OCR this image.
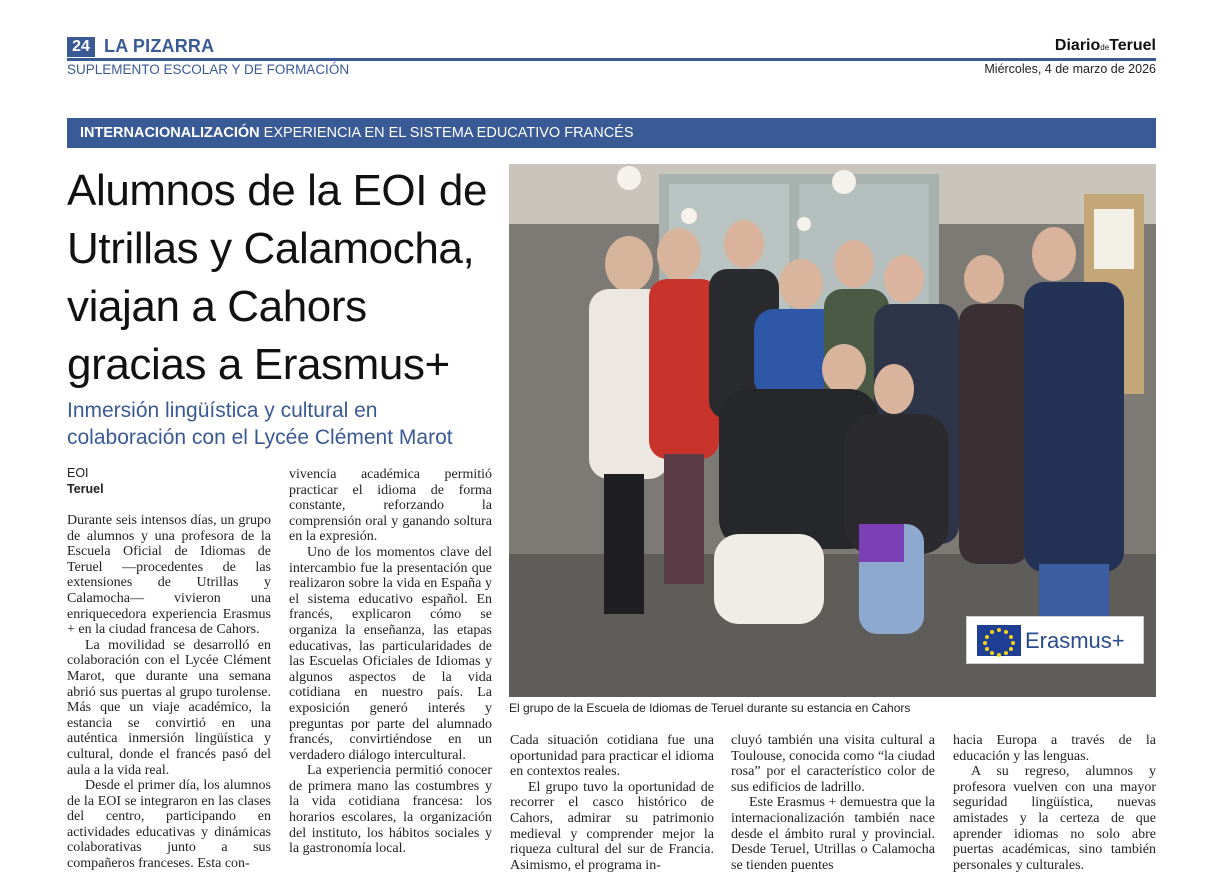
24 LA PIZARRA	DiariodeTeruel
SUPLEMENTO ESCOLAR Y DE FORMACIÓN	Miércoles, 4 de marzo de 2026
INTERNACIONALIZACIÓN EXPERIENCIA EN EL SISTEMA EDUCATIVO FRANCÉS
Alumnos de la EOI de Utrillas y Calamocha, viajan a Cahors gracias a Erasmus+
Inmersión lingüística y cultural en colaboración con el Lycée Clément Marot
EOI
Teruel

Durante seis intensos días, un grupo de alumnos y una profesora de la Escuela Oficial de Idiomas de Teruel —procedentes de las extensiones de Utrillas y Calamocha— vivieron una enriquecedora experiencia Erasmus + en la ciudad francesa de Cahors.

La movilidad se desarrolló en colaboración con el Lycée Clément Marot, que durante una semana abrió sus puertas al grupo turolense. Más que un viaje académico, la estancia se convirtió en una auténtica inmersión lingüística y cultural, donde el francés pasó del aula a la vida real.

Desde el primer día, los alumnos de la EOI se integraron en las clases del centro, participando en actividades educativas y dinámicas colaborativas junto a sus compañeros franceses. Esta con-

vivencia académica permitió practicar el idioma de forma constante, reforzando la comprensión oral y ganando soltura en la expresión.

Uno de los momentos clave del intercambio fue la presentación que realizaron sobre la vida en España y el sistema educativo español. En francés, explicaron cómo se organiza la enseñanza, las etapas educativas, las particularidades de las Escuelas Oficiales de Idiomas y algunos aspectos de la vida cotidiana en nuestro país. La exposición generó interés y preguntas por parte del alumnado francés, convirtiéndose en un verdadero diálogo intercultural.

La experiencia permitió conocer de primera mano las costumbres y la vida cotidiana francesa: los horarios escolares, la organización del instituto, los hábitos sociales y la gastronomía local.

Cada situación cotidiana fue una oportunidad para practicar el idioma en contextos reales.

El grupo tuvo la oportunidad de recorrer el casco histórico de Cahors, admirar su patrimonio medieval y comprender mejor la riqueza cultural del sur de Francia. Asimismo, el programa in-

cluyó también una visita cultural a Toulouse, conocida como “la ciudad rosa” por el característico color de sus edificios de ladrillo.

Este Erasmus + demuestra que la internacionalización también nace desde el ámbito rural y provincial. Desde Teruel, Utrillas o Calamocha se tienden puentes

hacia Europa a través de la educación y las lenguas.

A su regreso, alumnos y profesora vuelven con una mayor seguridad lingüística, nuevas amistades y la certeza de que aprender idiomas no solo abre puertas académicas, sino también personales y culturales.

Erasmus+
El grupo de la Escuela de Idiomas de Teruel durante su estancia en Cahors
